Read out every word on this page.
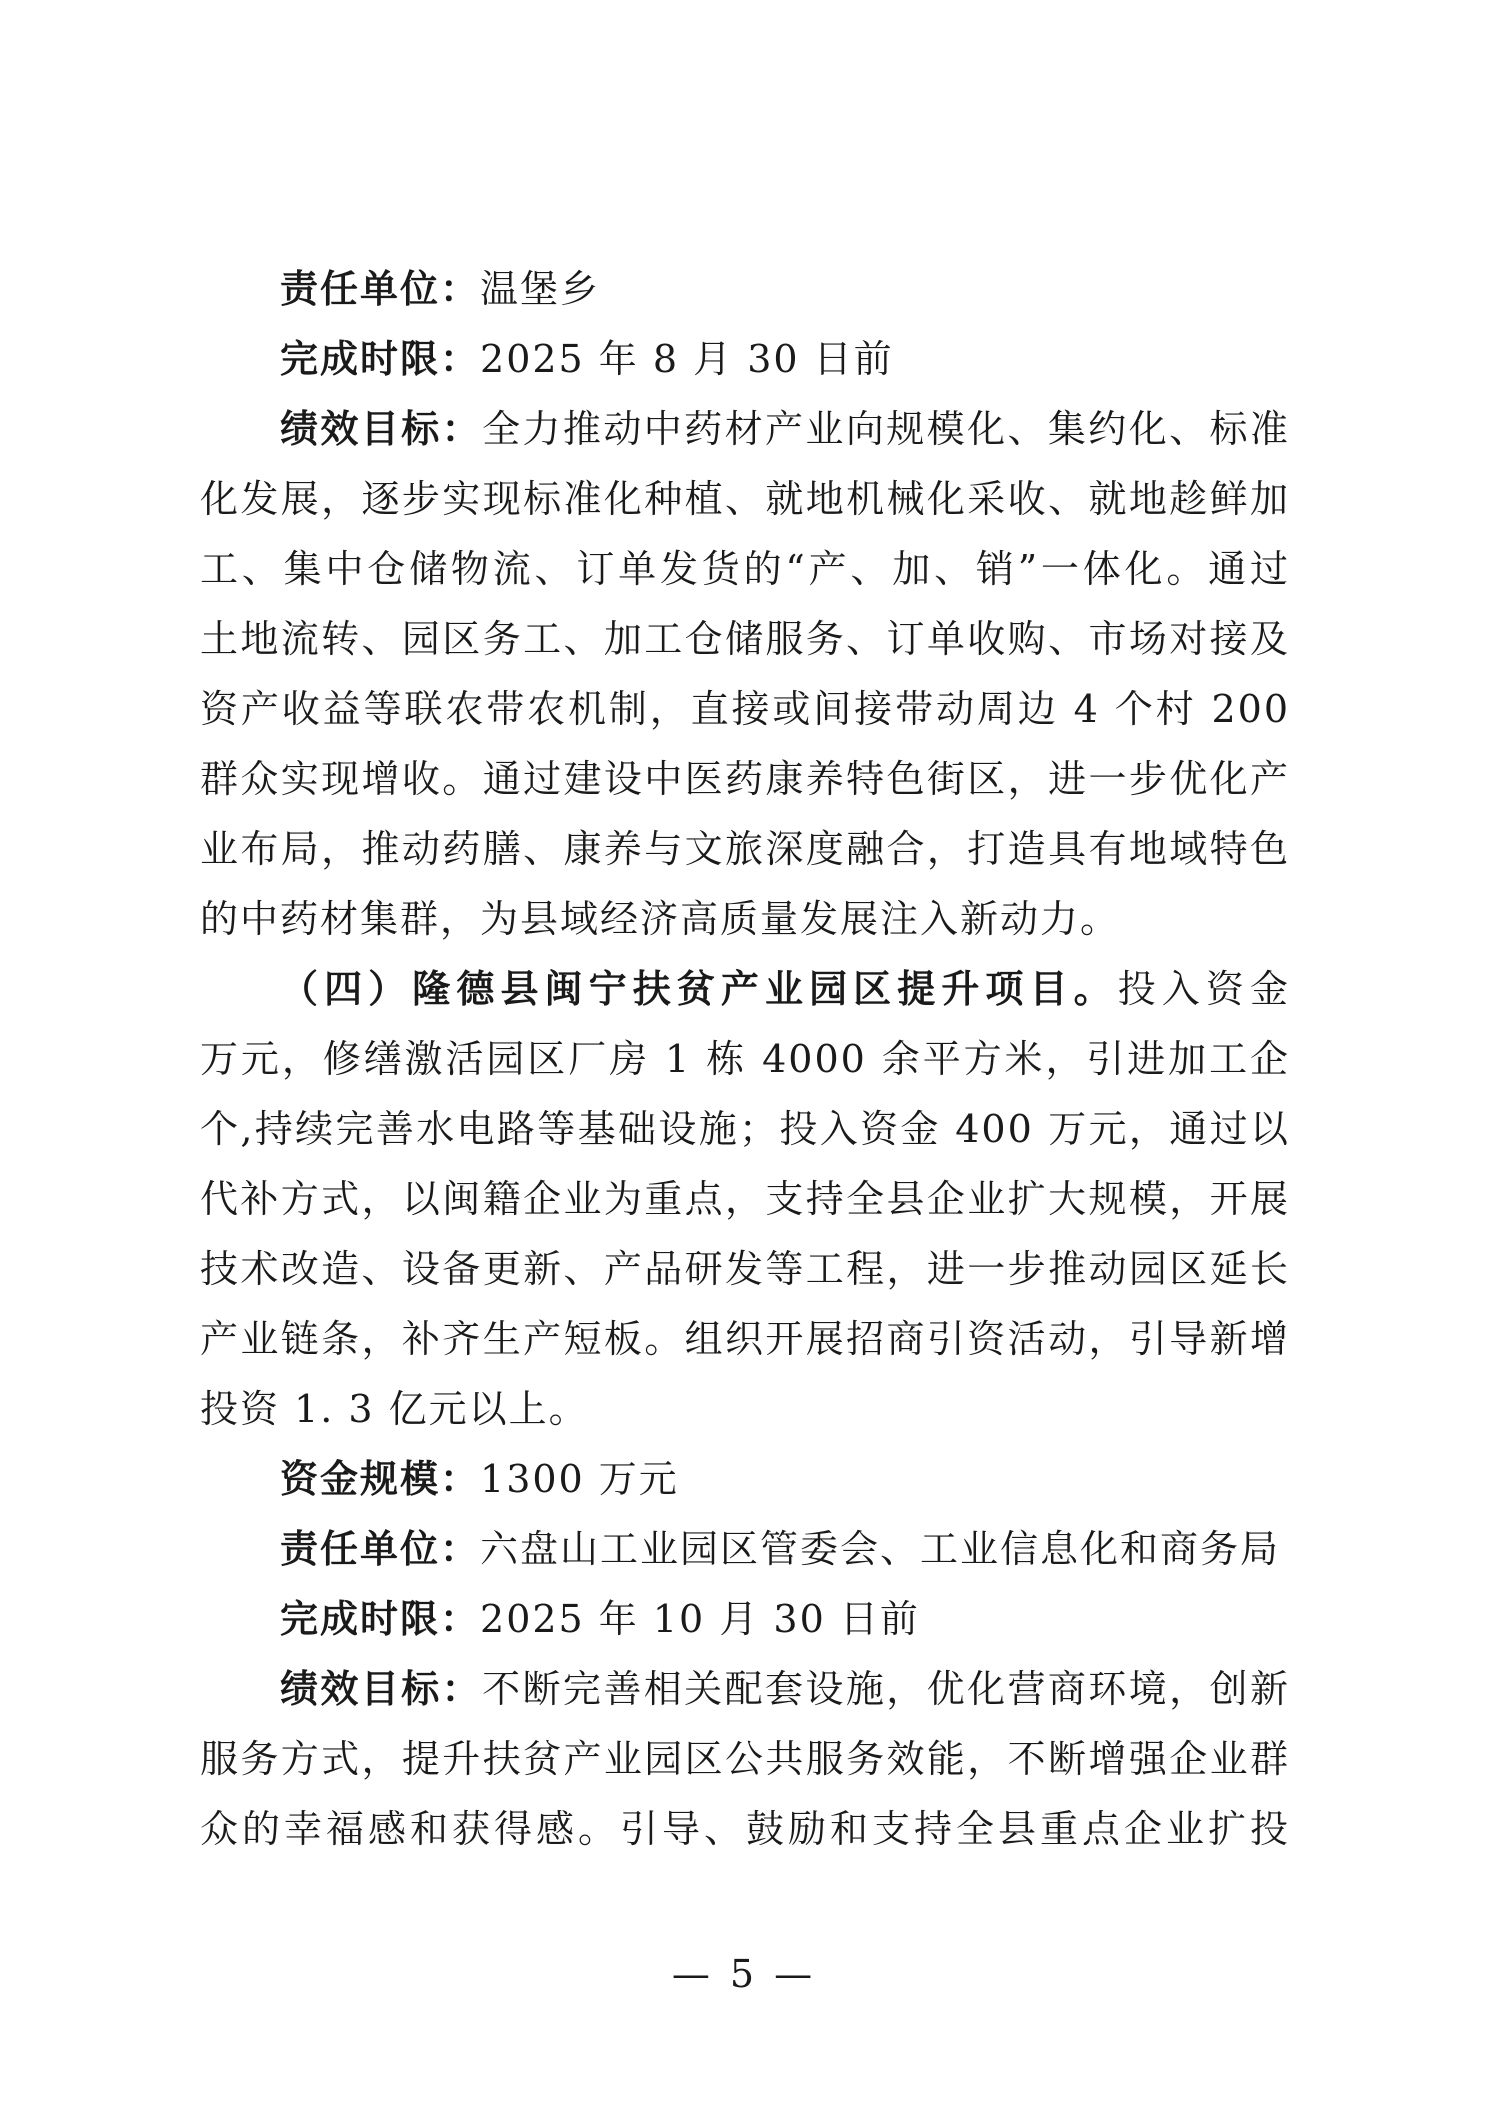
责任单位：温堡乡
完成时限：2025 年 8 月 30 日前
绩效目标：全力推动中药材产业向规模化、集约化、标准
化发展，逐步实现标准化种植、就地机械化采收、就地趁鲜加
工、集中仓储物流、订单发货的“产、加、销”一体化。通过
土地流转、园区务工、加工仓储服务、订单收购、市场对接及
资产收益等联农带农机制，直接或间接带动周边 4 个村 200
群众实现增收。通过建设中医药康养特色街区，进一步优化产
业布局，推动药膳、康养与文旅深度融合，打造具有地域特色
的中药材集群，为县域经济高质量发展注入新动力。
（四）隆德县闽宁扶贫产业园区提升项目。投入资金
万元，修缮激活园区厂房 1 栋 4000 余平方米，引进加工企
个,持续完善水电路等基础设施；投入资金 400 万元，通过以
代补方式，以闽籍企业为重点，支持全县企业扩大规模，开展
技术改造、设备更新、产品研发等工程，进一步推动园区延长
产业链条，补齐生产短板。组织开展招商引资活动，引导新增
投资 1. 3 亿元以上。
资金规模：1300 万元
责任单位：六盘山工业园区管委会、工业信息化和商务局
完成时限：2025 年 10 月 30 日前
绩效目标：不断完善相关配套设施，优化营商环境，创新
服务方式，提升扶贫产业园区公共服务效能，不断增强企业群
众的幸福感和获得感。引导、鼓励和支持全县重点企业扩投
— 5 —
